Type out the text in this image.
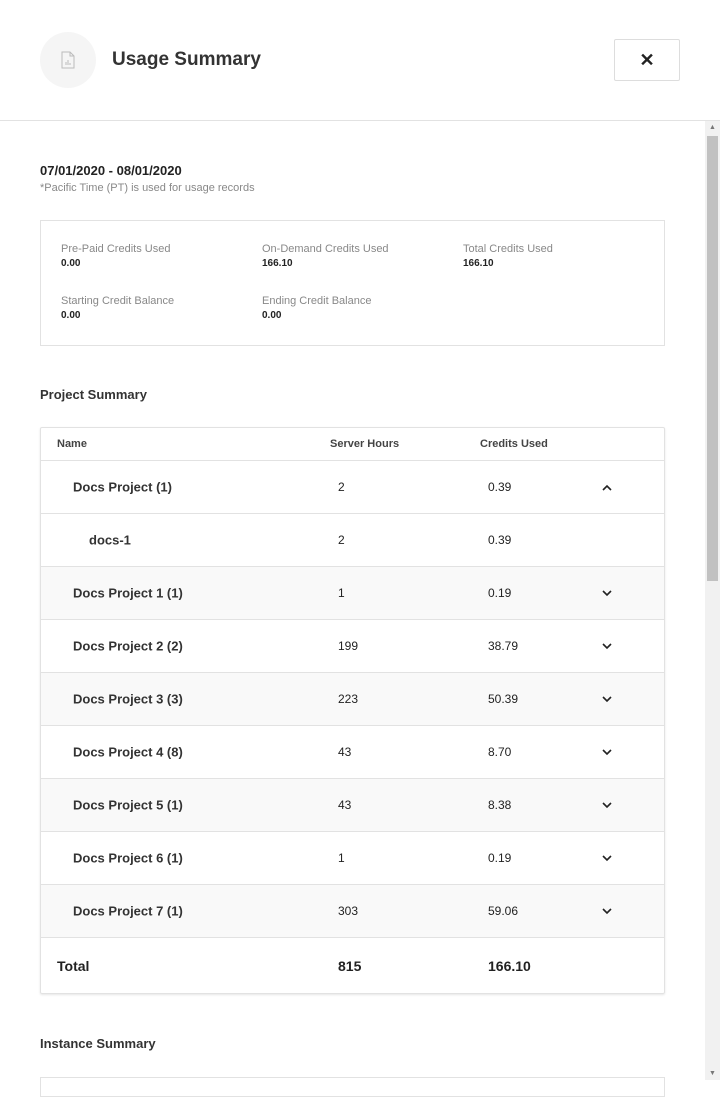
Usage Summary	✕
▲
▼
07/01/2020 - 08/01/2020
*Pacific Time (PT) is used for usage records
Pre-Paid Credits Used
0.00
On-Demand Credits Used
166.10
Total Credits Used
166.10
Starting Credit Balance
0.00
Ending Credit Balance
0.00
Project Summary
Name	Server Hours	Credits Used
Docs Project (1)	2	0.39
docs-1	2	0.39
Docs Project 1 (1)	1	0.19
Docs Project 2 (2)	199	38.79
Docs Project 3 (3)	223	50.39
Docs Project 4 (8)	43	8.70
Docs Project 5 (1)	43	8.38
Docs Project 6 (1)	1	0.19
Docs Project 7 (1)	303	59.06
Total	815	166.10
Instance Summary
